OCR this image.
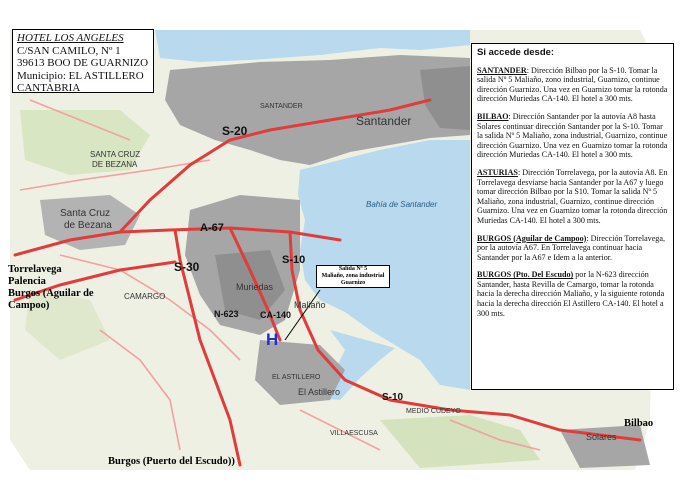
HOTEL LOS ANGELES
C/SAN CAMILO, Nº 1
39613 BOO DE GUARNIZO
Municipio: EL ASTILLERO
CANTABRIA
Si accede desde:

SANTANDER: Dirección Bilbao por la S-10. Tomar la salida Nº 5 Maliaño, zono industrial, Guarnizo, continue dirección Guarnizo. Una vez en Guarnizo tomar la rotonda dirección Muriedas CA-140. El hotel a 300 mts.

BILBAO: Dirección Santander por la autovía A8 hasta Solares continuar dirección Santander por la S-10. Tomar la salida Nº 5 Maliaño, zona industrial, Guarnizo, continue dirección Guarnizo. Una vez en Guarnizo tomar la rotonda dirección Muriedas CA-140. El hotel a 300 mts.

ASTURIAS: Dirección Torrelavega, por la autovía A8. En Torrelavega desviarse hacia Santander por la A67 y luego tomar dirección Bilbao por la S10. Tomar la salida Nº 5 Maliaño, zona industrial, Guarnizo, continue dirección Guarnizo. Una vez en Guarnizo tomar la rotonda dirección Muriedas CA-140. El hotel a 300 mts.

BURGOS (Aguilar de Campoo): Dirección Torrelavega, por la autovía A67. En Torrelavega continuar hacia Santander por la A67 e Idem a la anterior.

BURGOS (Pto. Del Escudo) por la N-623 dirección Santander, hasta Revilla de Camargo, tomar la rotonda hacia la derecha dirección Maliaño, y la siguiente rotonda hacia la derecha dirección El Astillero CA-140. El hotel a 300 mts.

Torrelavega
Palencia
Burgos (Aguilar de
Campoo)
Bilbao
Burgos (Puerto del Escudo))
S-20
A-67
S-30	S-10
N-623 CA-140
S-10
Salida Nº 5
Maliaño, zona industrial
Guarnizo
H
Santander
SANTANDER
SANTA CRUZ
DE BEZANA
Santa Cruz
de Bezana
CAMARGO
Muriedas
Maliaño
El Astillero
EL ASTILLERO
Bahía de Santander
MEDIO CUDEYO
VILLAESCUSA	Solares
